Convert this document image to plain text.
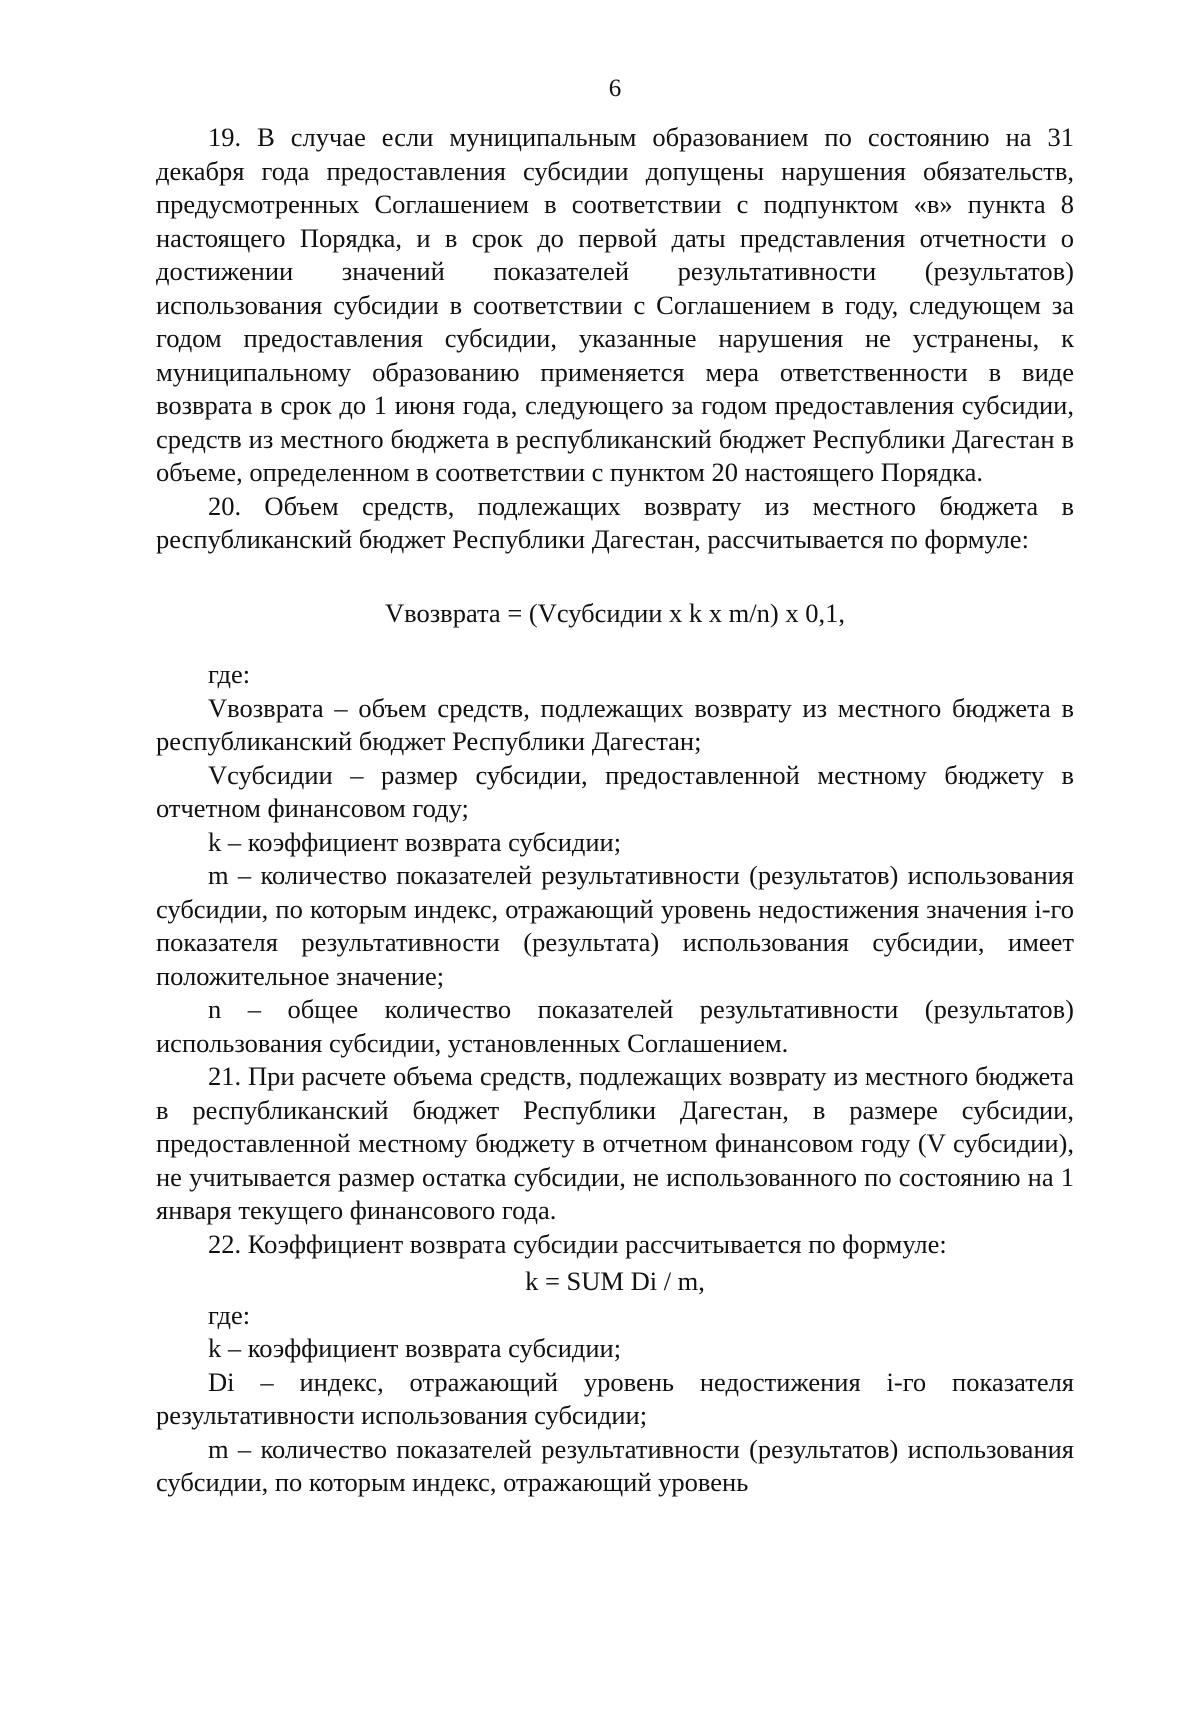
6

19. В случае если муниципальным образованием по состоянию на 31 декабря года предоставления субсидии допущены нарушения обязательств, предусмотренных Соглашением в соответствии с подпунктом «в» пункта 8 настоящего Порядка, и в срок до первой даты представления отчетности о достижении значений показателей результативности (результатов) использования субсидии в соответствии с Соглашением в году, следующем за годом предоставления субсидии, указанные нарушения не устранены, к муниципальному образованию применяется мера ответственности в виде возврата в срок до 1 июня года, следующего за годом предоставления субсидии, средств из местного бюджета в республиканский бюджет Республики Дагестан в объеме, определенном в соответствии с пунктом 20 настоящего Порядка.

20. Объем средств, подлежащих возврату из местного бюджета в республиканский бюджет Республики Дагестан, рассчитывается по формуле:

Vвозврата = (Vсубсидии x k x m/n) x 0,1,

где:

Vвозврата – объем средств, подлежащих возврату из местного бюджета в республиканский бюджет Республики Дагестан;

Vсубсидии – размер субсидии, предоставленной местному бюджету в отчетном финансовом году;

k – коэффициент возврата субсидии;

m – количество показателей результативности (результатов) использования субсидии, по которым индекс, отражающий уровень недостижения значения i-го показателя результативности (результата) использования субсидии, имеет положительное значение;

n – общее количество показателей результативности (результатов) использования субсидии, установленных Соглашением.

21. При расчете объема средств, подлежащих возврату из местного бюджета в республиканский бюджет Республики Дагестан, в размере субсидии, предоставленной местному бюджету в отчетном финансовом году (V субсидии), не учитывается размер остатка субсидии, не использованного по состоянию на 1 января текущего финансового года.

22. Коэффициент возврата субсидии рассчитывается по формуле:

k = SUM Di / m,

где:

k – коэффициент возврата субсидии;

Di – индекс, отражающий уровень недостижения i-го показателя результативности использования субсидии;

m – количество показателей результативности (результатов) использования субсидии, по которым индекс, отражающий уровень
